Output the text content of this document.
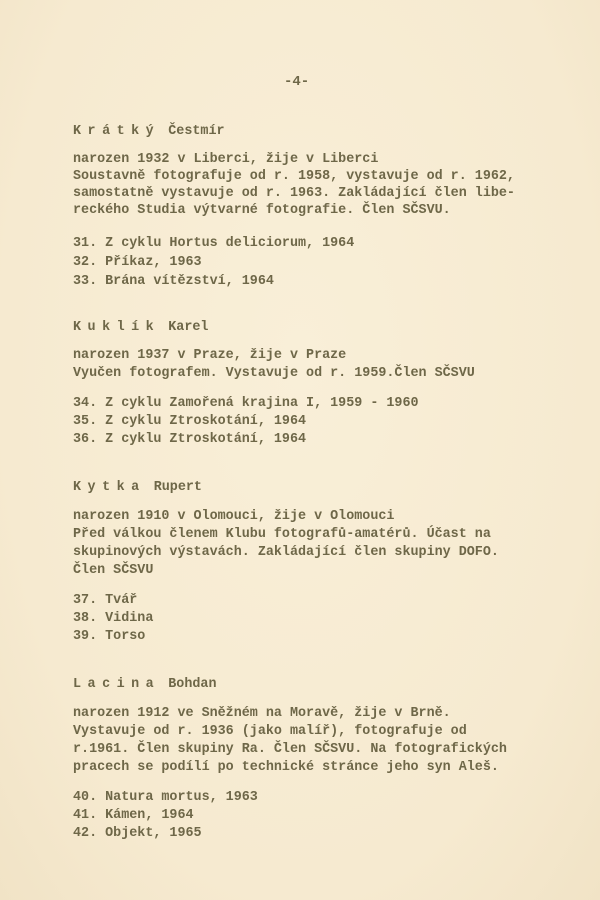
-4-
Krátký Čestmír
narozen 1932 v Liberci, žije v Liberci
Soustavně fotografuje od r. 1958, vystavuje od r. 1962,
samostatně vystavuje od r. 1963. Zakládající člen libe-
reckého Studia výtvarné fotografie. Člen SČSVU.
31. Z cyklu Hortus deliciorum, 1964
32. Příkaz, 1963
33. Brána vítězství, 1964
Kuklík Karel
narozen 1937 v Praze, žije v Praze
Vyučen fotografem. Vystavuje od r. 1959.Člen SČSVU
34. Z cyklu Zamořená krajina I, 1959 - 1960
35. Z cyklu Ztroskotání, 1964
36. Z cyklu Ztroskotání, 1964
Kytka Rupert
narozen 1910 v Olomouci, žije v Olomouci
Před válkou členem Klubu fotografů-amatérů. Účast na
skupinových výstavách. Zakládající člen skupiny DOFO.
Člen SČSVU
37. Tvář
38. Vidina
39. Torso
Lacina Bohdan
narozen 1912 ve Sněžném na Moravě, žije v Brně.
Vystavuje od r. 1936 (jako malíř), fotografuje od
r.1961. Člen skupiny Ra. Člen SČSVU. Na fotografických
pracech se podílí po technické stránce jeho syn Aleš.
40. Natura mortus, 1963
41. Kámen, 1964
42. Objekt, 1965
